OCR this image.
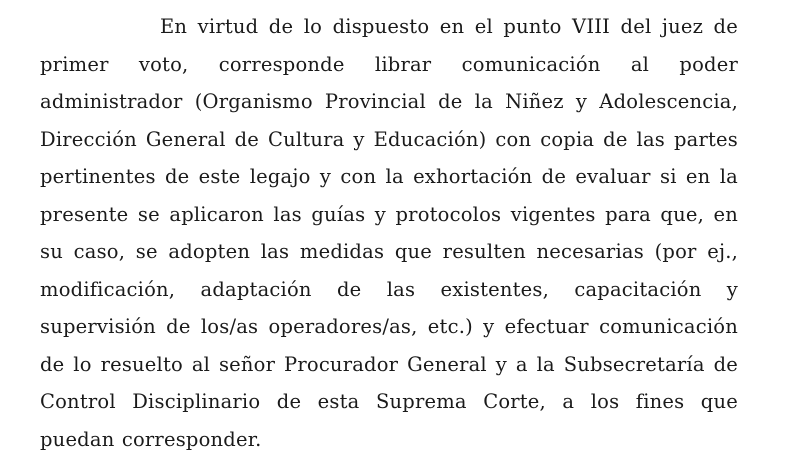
En virtud de lo dispuesto en el punto VIII del juez de primer voto, corresponde librar comunicación al poder administrador (Organismo Provincial de la Niñez y Adolescencia, Dirección General de Cultura y Educación) con copia de las partes pertinentes de este legajo y con la exhortación de evaluar si en la presente se aplicaron las guías y protocolos vigentes para que, en su caso, se adopten las medidas que resulten necesarias (por ej., modificación, adaptación de las existentes, capacitación y supervisión de los/as operadores/as, etc.) y efectuar comunicación de lo resuelto al señor Procurador General y a la Subsecretaría de Control Disciplinario de esta Suprema Corte, a los fines que puedan corresponder.
